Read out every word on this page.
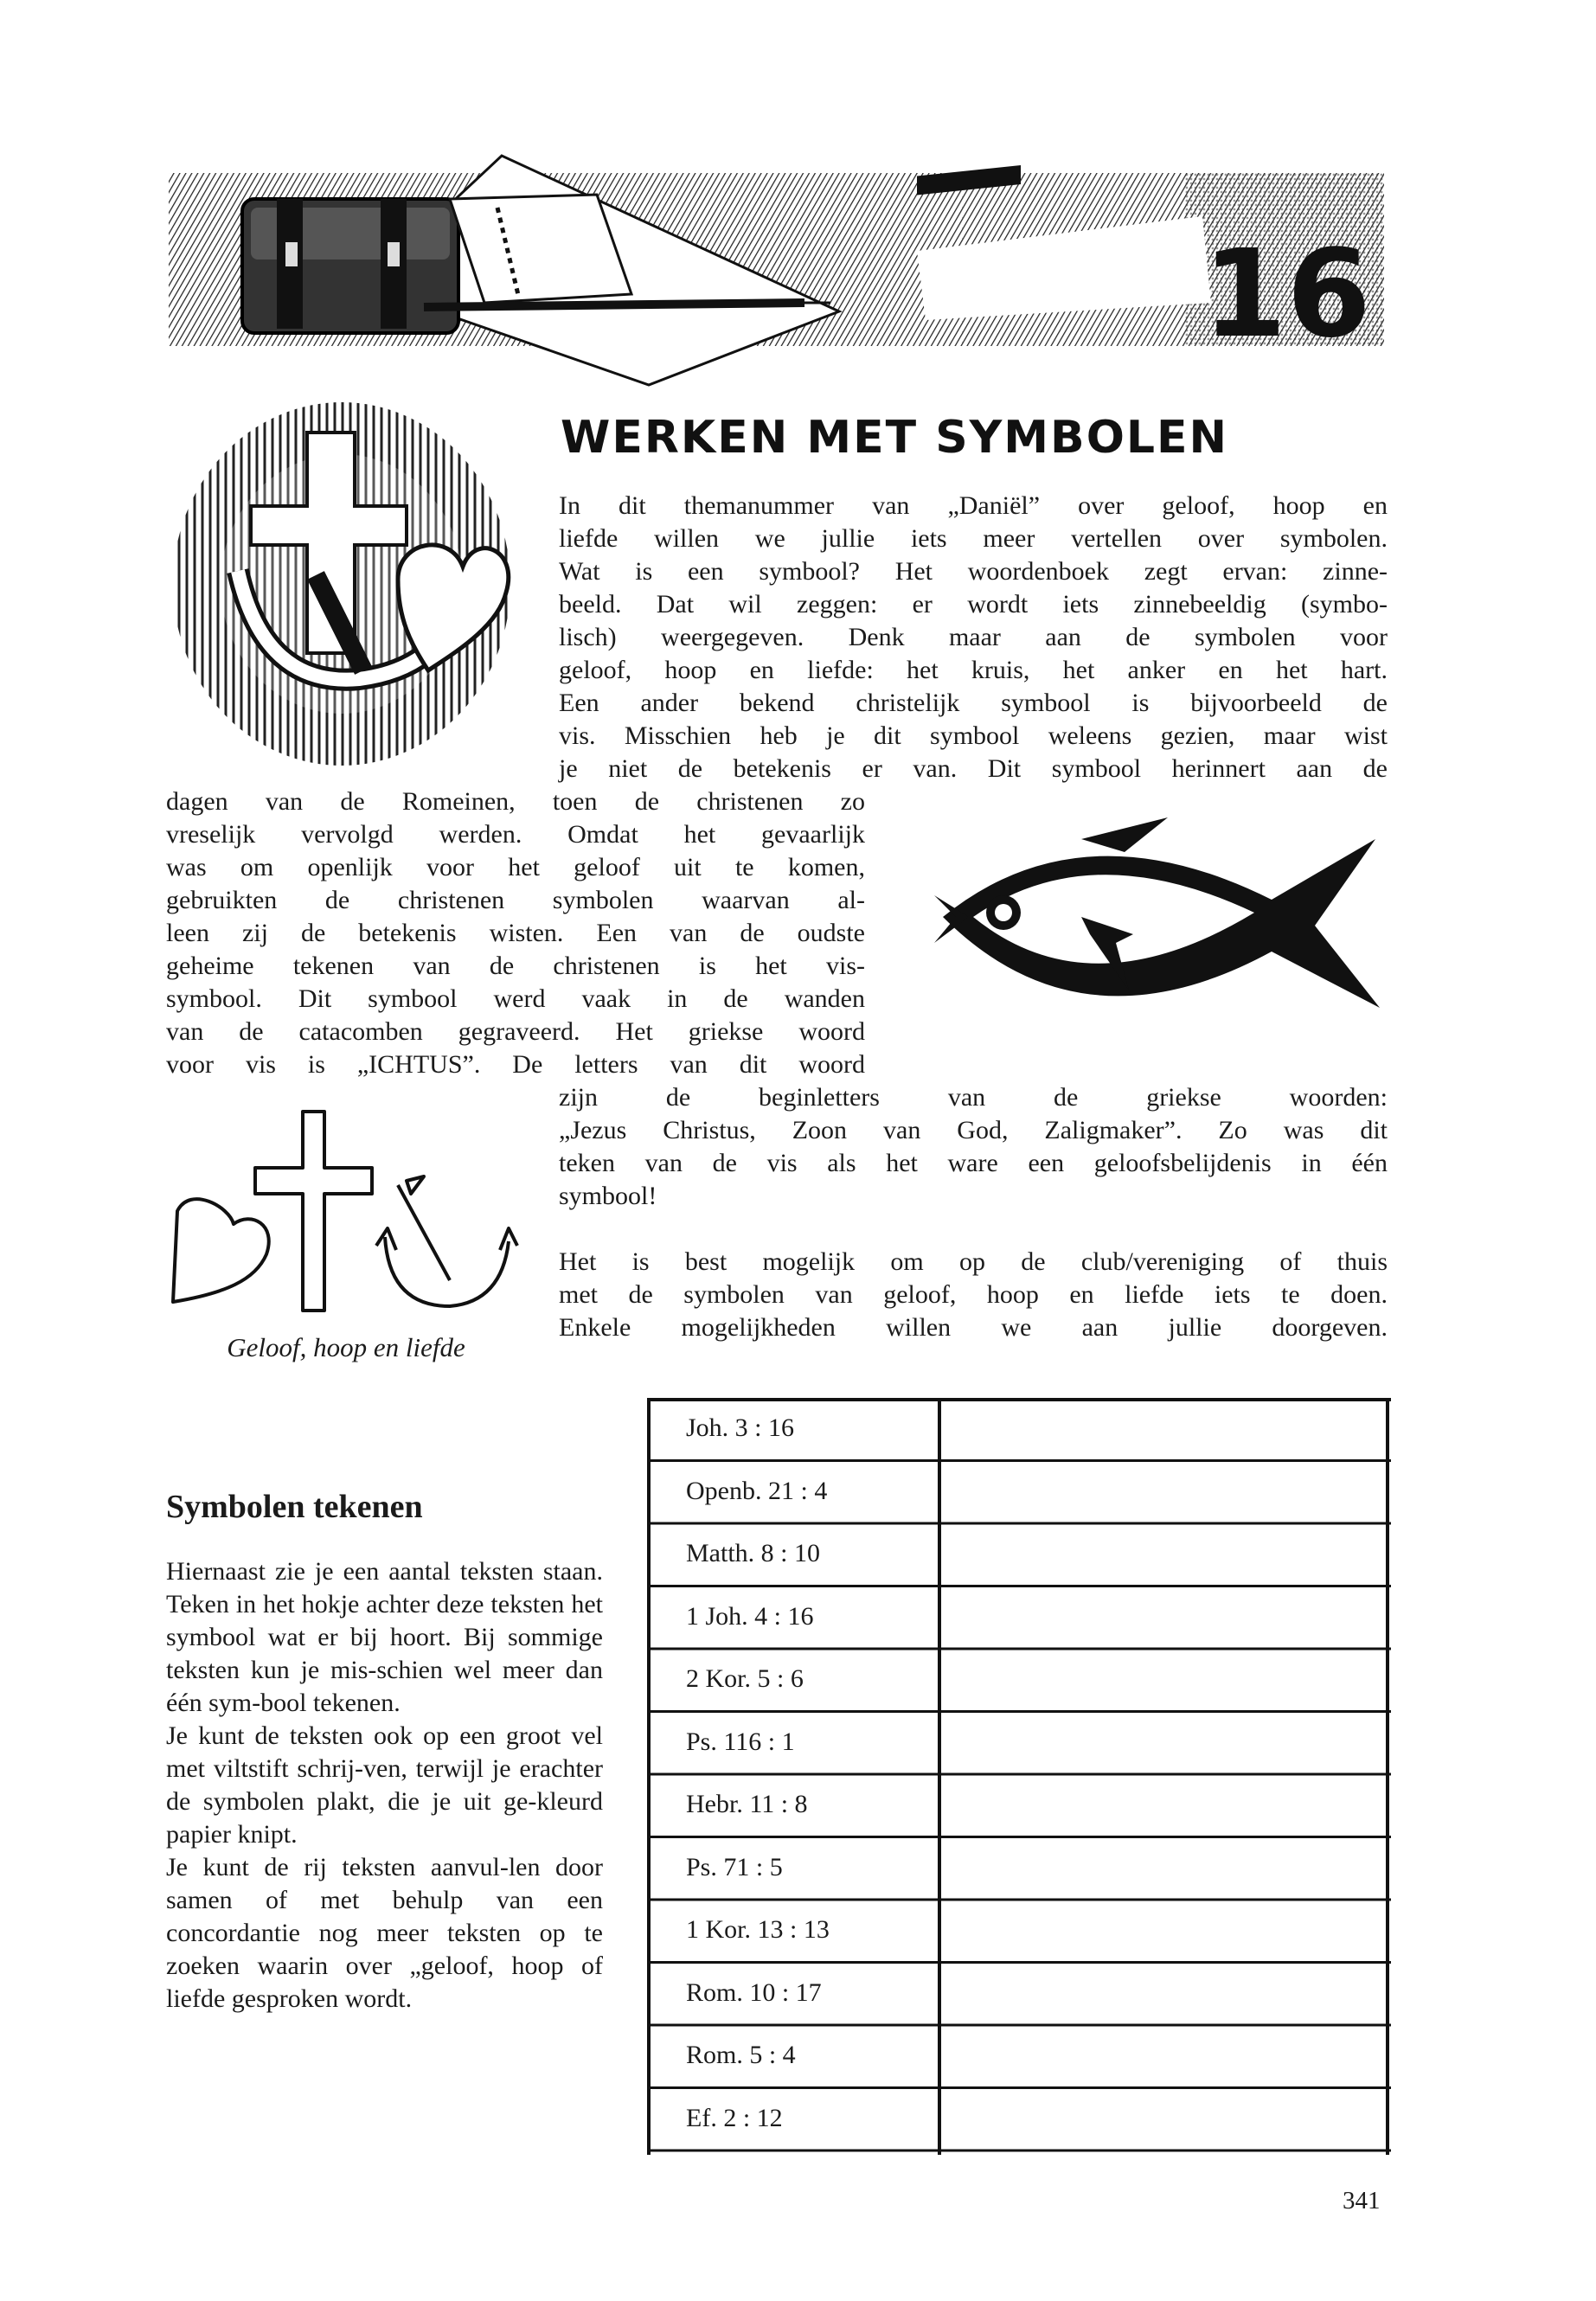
16
WERKEN MET SYMBOLEN

In dit themanummer van „Daniël” over geloof, hoop en

liefde willen we jullie iets meer vertellen over symbolen.

Wat is een symbool? Het woordenboek zegt ervan: zinne-

beeld. Dat wil zeggen: er wordt iets zinnebeeldig (symbo-

lisch) weergegeven. Denk maar aan de symbolen voor

geloof, hoop en liefde: het kruis, het anker en het hart.

Een ander bekend christelijk symbool is bijvoorbeeld de

vis. Misschien heb je dit symbool weleens gezien, maar wist

je niet de betekenis er van. Dit symbool herinnert aan de

dagen van de Romeinen, toen de christenen zo

vreselijk vervolgd werden. Omdat het gevaarlijk

was om openlijk voor het geloof uit te komen,

gebruikten de christenen symbolen waarvan al-

leen zij de betekenis wisten. Een van de oudste

geheime tekenen van de christenen is het vis-

symbool. Dit symbool werd vaak in de wanden

van de catacomben gegraveerd. Het griekse woord

voor vis is „ICHTUS”. De letters van dit woord

zijn de beginletters van de griekse woorden:

„Jezus Christus, Zoon van God, Zaligmaker”. Zo was dit

teken van de vis als het ware een geloofsbelijdenis in één

symbool!

Het is best mogelijk om op de club/vereniging of thuis

met de symbolen van geloof, hoop en liefde iets te doen.

Enkele mogelijkheden willen we aan jullie doorgeven.

Geloof, hoop en liefde
Symbolen tekenen

Hiernaast zie je een aantal teksten staan. Teken in het hokje achter deze teksten het symbool wat er bij hoort. Bij sommige teksten kun je mis-schien wel meer dan één sym-bool tekenen.

Je kunt de teksten ook op een groot vel met viltstift schrij-ven, terwijl je erachter de symbolen plakt, die je uit ge-kleurd papier knipt.

Je kunt de rij teksten aanvul-len door samen of met behulp van een concordantie nog meer teksten op te zoeken waarin over „geloof, hoop of liefde gesproken wordt.

Joh. 3 : 16
Openb. 21 : 4
Matth. 8 : 10
1 Joh. 4 : 16
2 Kor. 5 : 6
Ps. 116 : 1
Hebr. 11 : 8
Ps. 71 : 5
1 Kor. 13 : 13
Rom. 10 : 17
Rom. 5 : 4
Ef. 2 : 12
341
